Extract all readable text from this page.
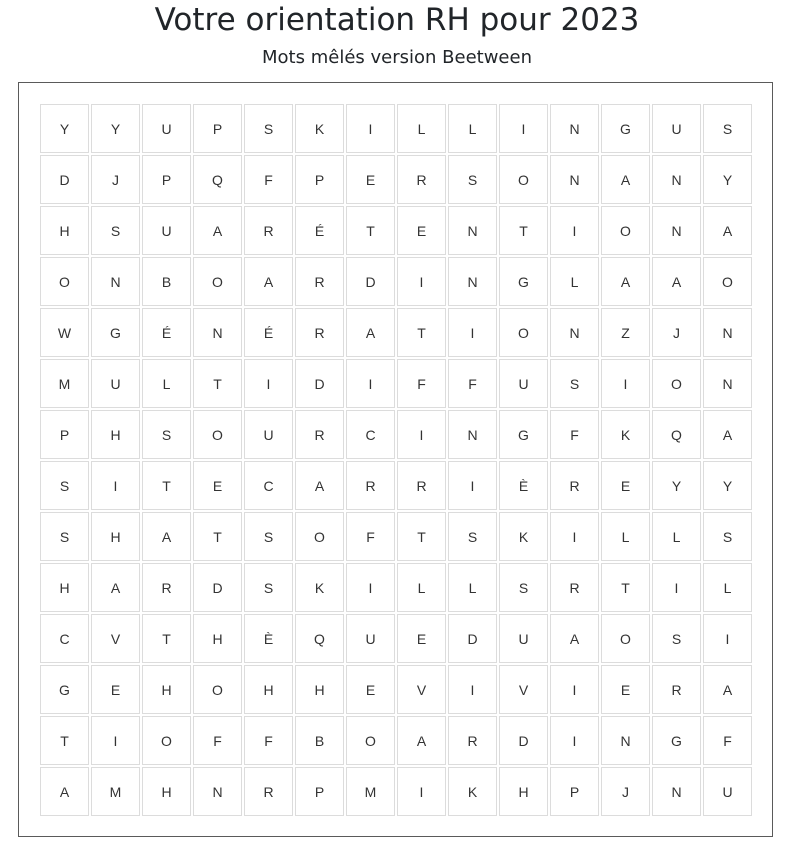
Votre orientation RH pour 2023
Mots mêlés version Beetween
Y	Y	U	P	S	K	I	L	L	I	N	G	U	S
D	J	P	Q	F	P	E	R	S	O	N	A	N	Y
H	S	U	A	R	É	T	E	N	T	I	O	N	A
O	N	B	O	A	R	D	I	N	G	L	A	A	O
W	G	É	N	É	R	A	T	I	O	N	Z	J	N
M	U	L	T	I	D	I	F	F	U	S	I	O	N
P	H	S	O	U	R	C	I	N	G	F	K	Q	A
S	I	T	E	C	A	R	R	I	È	R	E	Y	Y
S	H	A	T	S	O	F	T	S	K	I	L	L	S
H	A	R	D	S	K	I	L	L	S	R	T	I	L
C	V	T	H	È	Q	U	E	D	U	A	O	S	I
G	E	H	O	H	H	E	V	I	V	I	E	R	A
T	I	O	F	F	B	O	A	R	D	I	N	G	F
A	M	H	N	R	P	M	I	K	H	P	J	N	U
